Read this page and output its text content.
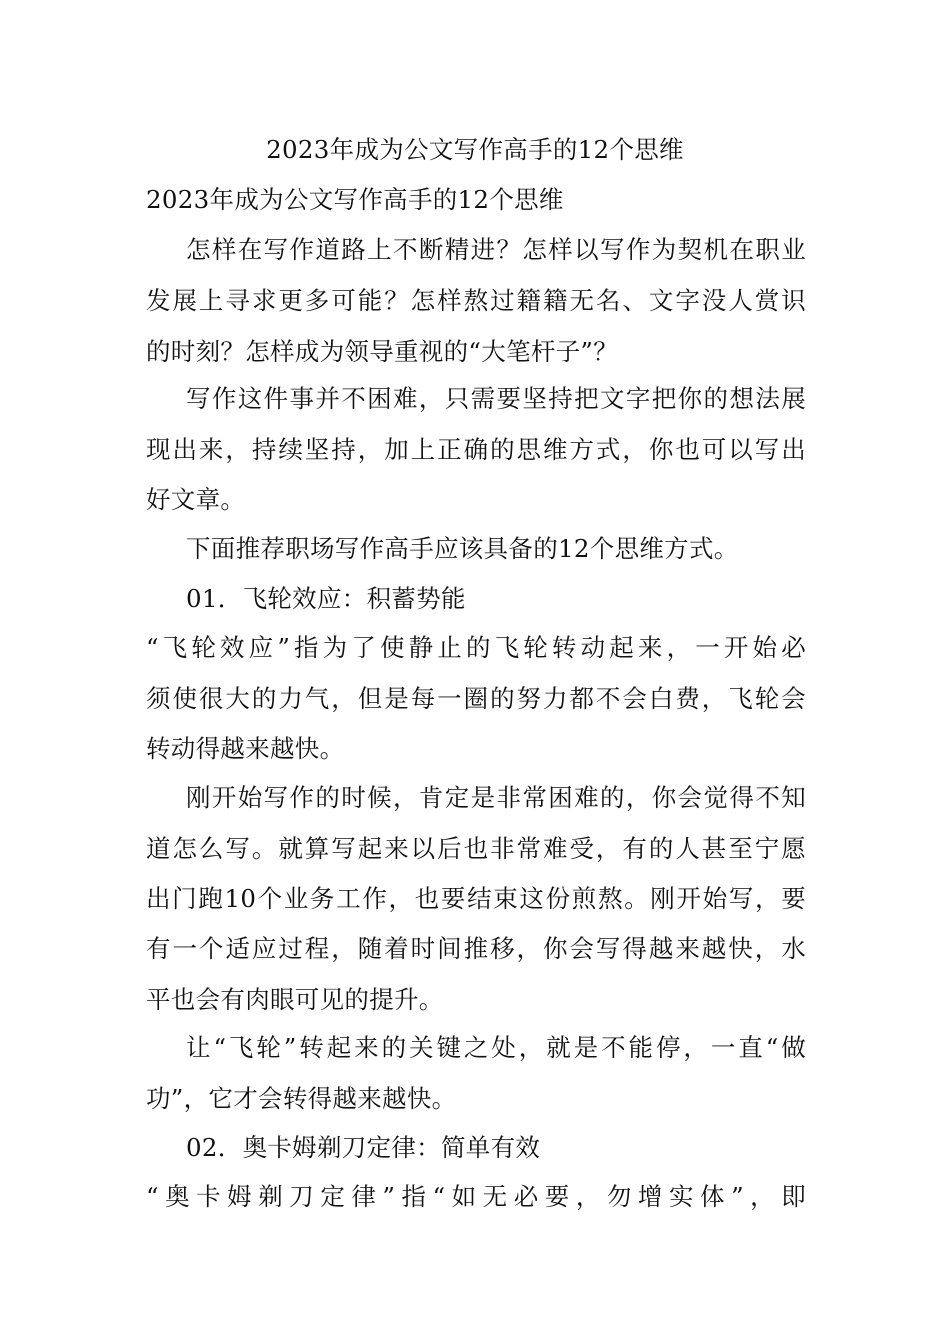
2023年成为公文写作高手的12个思维
2023年成为公文写作高手的12个思维
怎样在写作道路上不断精进？怎样以写作为契机在职业
发展上寻求更多可能？怎样熬过籍籍无名、文字没人赏识
的时刻？怎样成为领导重视的“大笔杆子”？
写作这件事并不困难，只需要坚持把文字把你的想法展
现出来，持续坚持，加上正确的思维方式，你也可以写出
好文章。
下面推荐职场写作高手应该具备的12个思维方式。
01．飞轮效应：积蓄势能
“飞轮效应”指为了使静止的飞轮转动起来，一开始必
须使很大的力气，但是每一圈的努力都不会白费，飞轮会
转动得越来越快。
刚开始写作的时候，肯定是非常困难的，你会觉得不知
道怎么写。就算写起来以后也非常难受，有的人甚至宁愿
出门跑10个业务工作，也要结束这份煎熬。刚开始写，要
有一个适应过程，随着时间推移，你会写得越来越快，水
平也会有肉眼可见的提升。
让“飞轮”转起来的关键之处，就是不能停，一直“做
功”，它才会转得越来越快。
02．奥卡姆剃刀定律：简单有效
“奥卡姆剃刀定律”指“如无必要，勿增实体”，即
